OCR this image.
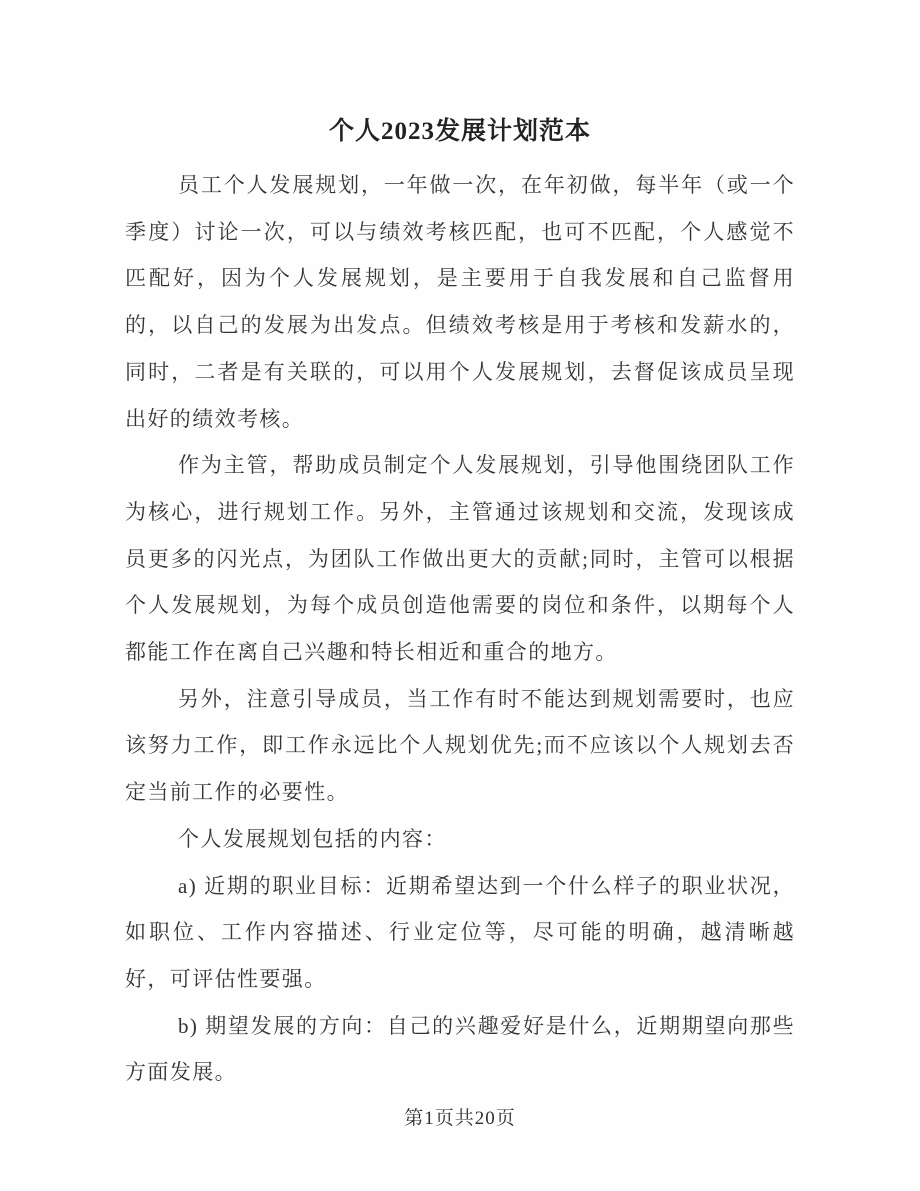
个人2023发展计划范本

员工个人发展规划，一年做一次，在年初做，每半年（或一个季度）讨论一次，可以与绩效考核匹配，也可不匹配，个人感觉不匹配好，因为个人发展规划，是主要用于自我发展和自己监督用的，以自己的发展为出发点。但绩效考核是用于考核和发薪水的，同时，二者是有关联的，可以用个人发展规划，去督促该成员呈现出好的绩效考核。

作为主管，帮助成员制定个人发展规划，引导他围绕团队工作为核心，进行规划工作。另外，主管通过该规划和交流，发现该成员更多的闪光点，为团队工作做出更大的贡献;同时，主管可以根据个人发展规划，为每个成员创造他需要的岗位和条件，以期每个人都能工作在离自己兴趣和特长相近和重合的地方。

另外，注意引导成员，当工作有时不能达到规划需要时，也应该努力工作，即工作永远比个人规划优先;而不应该以个人规划去否定当前工作的必要性。

个人发展规划包括的内容：

a) 近期的职业目标：近期希望达到一个什么样子的职业状况，如职位、工作内容描述、行业定位等，尽可能的明确，越清晰越好，可评估性要强。

b) 期望发展的方向：自己的兴趣爱好是什么，近期期望向那些方面发展。

第1页共20页
